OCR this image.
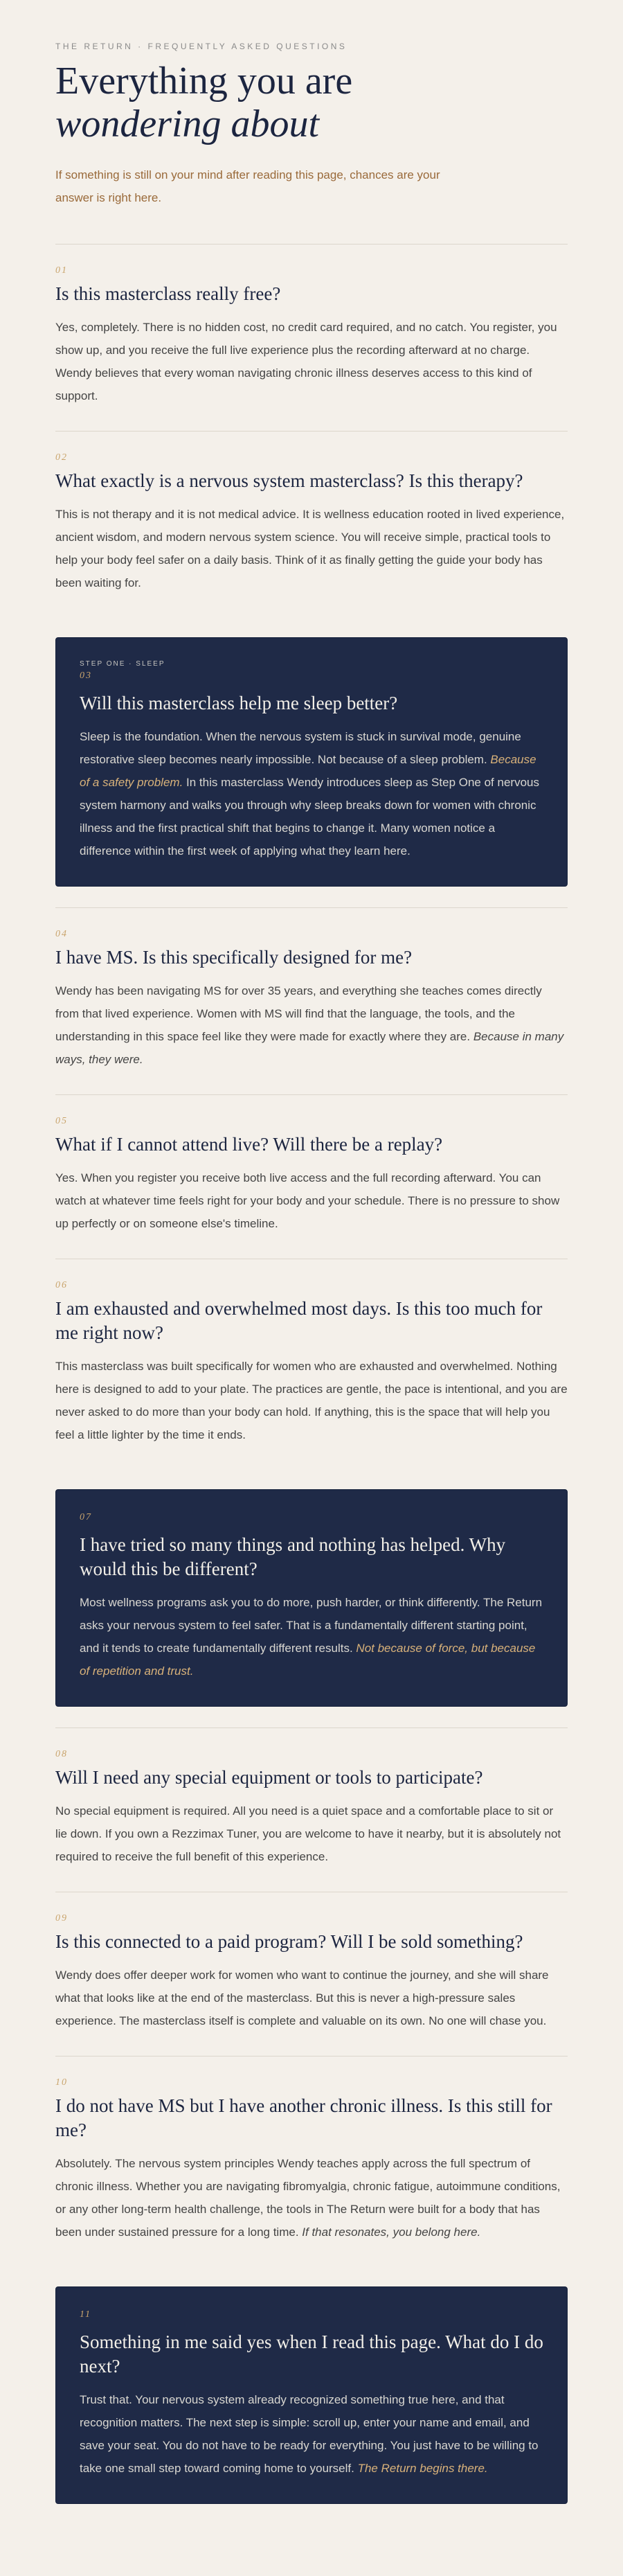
THE RETURN · FREQUENTLY ASKED QUESTIONS

Everything you are
wondering about

If something is still on your mind after reading this page, chances are your answer is right here.

01

Is this masterclass really free?

Yes, completely. There is no hidden cost, no credit card required, and no catch. You register, you show up, and you receive the full live experience plus the recording afterward at no charge. Wendy believes that every woman navigating chronic illness deserves access to this kind of support.

02

What exactly is a nervous system masterclass? Is this therapy?

This is not therapy and it is not medical advice. It is wellness education rooted in lived experience, ancient wisdom, and modern nervous system science. You will receive simple, practical tools to help your body feel safer on a daily basis. Think of it as finally getting the guide your body has been waiting for.

STEP ONE · SLEEP

03

Will this masterclass help me sleep better?

Sleep is the foundation. When the nervous system is stuck in survival mode, genuine restorative sleep becomes nearly impossible. Not because of a sleep problem. Because of a safety problem. In this masterclass Wendy introduces sleep as Step One of nervous system harmony and walks you through why sleep breaks down for women with chronic illness and the first practical shift that begins to change it. Many women notice a difference within the first week of applying what they learn here.

04

I have MS. Is this specifically designed for me?

Wendy has been navigating MS for over 35 years, and everything she teaches comes directly from that lived experience. Women with MS will find that the language, the tools, and the understanding in this space feel like they were made for exactly where they are. Because in many ways, they were.

05

What if I cannot attend live? Will there be a replay?

Yes. When you register you receive both live access and the full recording afterward. You can watch at whatever time feels right for your body and your schedule. There is no pressure to show up perfectly or on someone else's timeline.

06

I am exhausted and overwhelmed most days. Is this too much for me right now?

This masterclass was built specifically for women who are exhausted and overwhelmed. Nothing here is designed to add to your plate. The practices are gentle, the pace is intentional, and you are never asked to do more than your body can hold. If anything, this is the space that will help you feel a little lighter by the time it ends.

07

I have tried so many things and nothing has helped. Why would this be different?

Most wellness programs ask you to do more, push harder, or think differently. The Return asks your nervous system to feel safer. That is a fundamentally different starting point, and it tends to create fundamentally different results. Not because of force, but because of repetition and trust.

08

Will I need any special equipment or tools to participate?

No special equipment is required. All you need is a quiet space and a comfortable place to sit or lie down. If you own a Rezzimax Tuner, you are welcome to have it nearby, but it is absolutely not required to receive the full benefit of this experience.

09

Is this connected to a paid program? Will I be sold something?

Wendy does offer deeper work for women who want to continue the journey, and she will share what that looks like at the end of the masterclass. But this is never a high-pressure sales experience. The masterclass itself is complete and valuable on its own. No one will chase you.

10

I do not have MS but I have another chronic illness. Is this still for me?

Absolutely. The nervous system principles Wendy teaches apply across the full spectrum of chronic illness. Whether you are navigating fibromyalgia, chronic fatigue, autoimmune conditions, or any other long-term health challenge, the tools in The Return were built for a body that has been under sustained pressure for a long time. If that resonates, you belong here.

11

Something in me said yes when I read this page. What do I do next?

Trust that. Your nervous system already recognized something true here, and that recognition matters. The next step is simple: scroll up, enter your name and email, and save your seat. You do not have to be ready for everything. You just have to be willing to take one small step toward coming home to yourself. The Return begins there.
